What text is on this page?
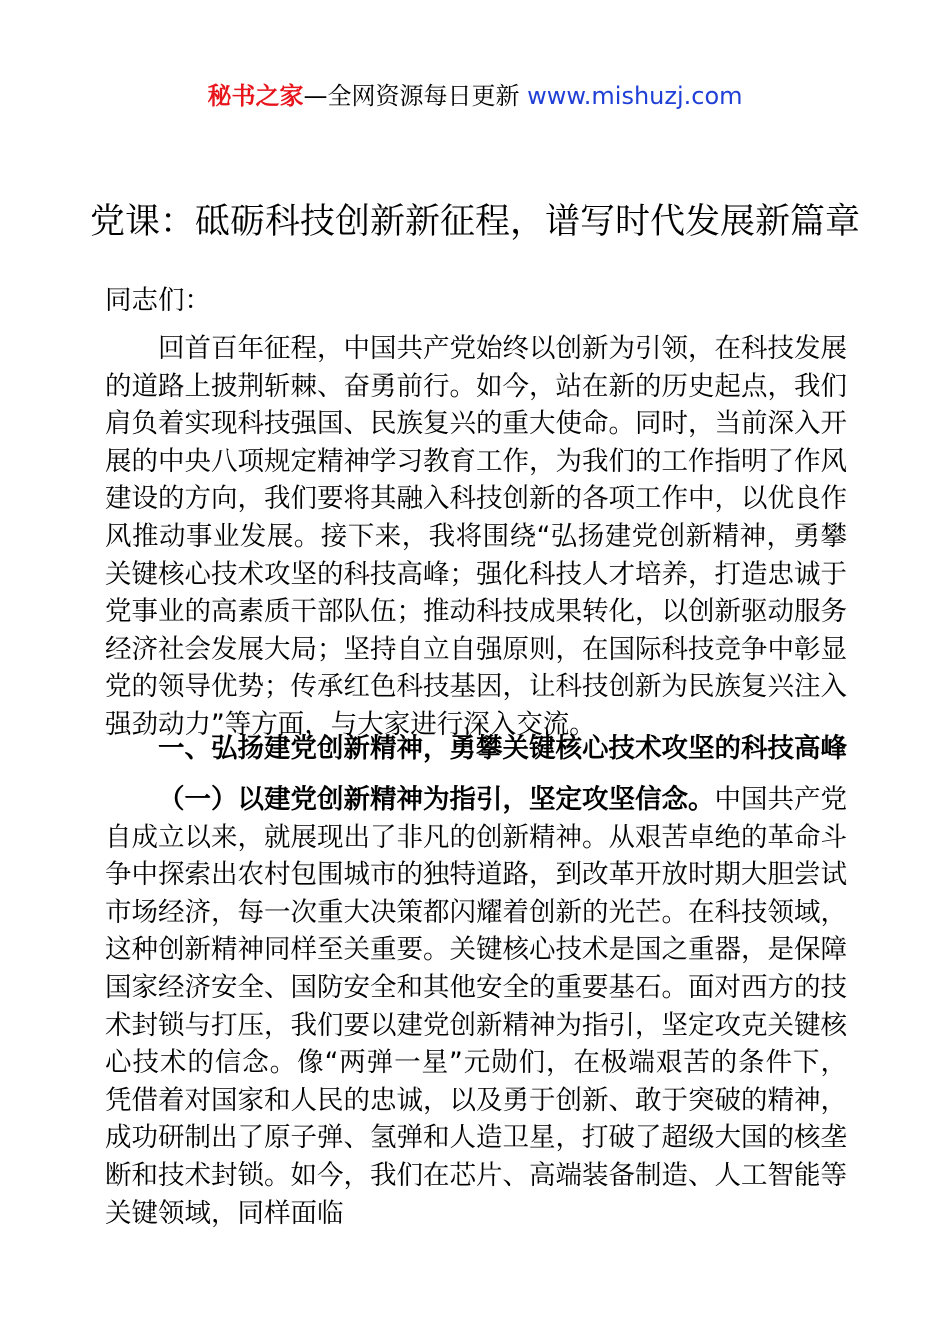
秘书之家—全网资源每日更新 www.mishuzj.com
党课：砥砺科技创新新征程，谱写时代发展新篇章
同志们：
回首百年征程，中国共产党始终以创新为引领，在科技发展的道路上披荆斩棘、奋勇前行。如今，站在新的历史起点，我们肩负着实现科技强国、民族复兴的重大使命。同时，当前深入开展的中央八项规定精神学习教育工作，为我们的工作指明了作风建设的方向，我们要将其融入科技创新的各项工作中，以优良作风推动事业发展。接下来，我将围绕“弘扬建党创新精神，勇攀关键核心技术攻坚的科技高峰；强化科技人才培养，打造忠诚于党事业的高素质干部队伍；推动科技成果转化，以创新驱动服务经济社会发展大局；坚持自立自强原则，在国际科技竞争中彰显党的领导优势；传承红色科技基因，让科技创新为民族复兴注入强劲动力”等方面，与大家进行深入交流。
一、弘扬建党创新精神，勇攀关键核心技术攻坚的科技高峰
（一）以建党创新精神为指引，坚定攻坚信念。中国共产党自成立以来，就展现出了非凡的创新精神。从艰苦卓绝的革命斗争中探索出农村包围城市的独特道路，到改革开放时期大胆尝试市场经济，每一次重大决策都闪耀着创新的光芒。在科技领域，这种创新精神同样至关重要。关键核心技术是国之重器，是保障国家经济安全、国防安全和其他安全的重要基石。面对西方的技术封锁与打压，我们要以建党创新精神为指引，坚定攻克关键核心技术的信念。像“两弹一星”元勋们，在极端艰苦的条件下，凭借着对国家和人民的忠诚，以及勇于创新、敢于突破的精神，成功研制出了原子弹、氢弹和人造卫星，打破了超级大国的核垄断和技术封锁。如今，我们在芯片、高端装备制造、人工智能等关键领域，同样面临
